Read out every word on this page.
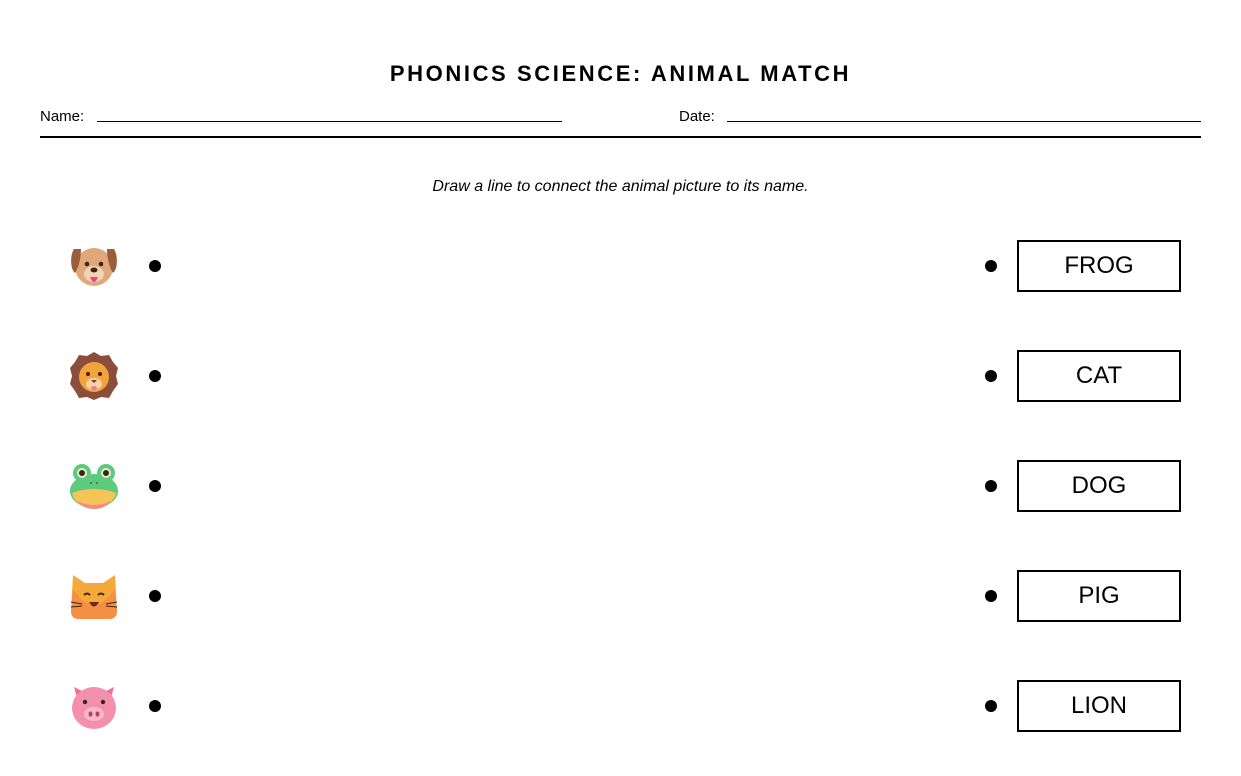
PHONICS SCIENCE: ANIMAL MATCH
Name:	Date:
Draw a line to connect the animal picture to its name.
FROG
CAT
DOG
PIG
LION
